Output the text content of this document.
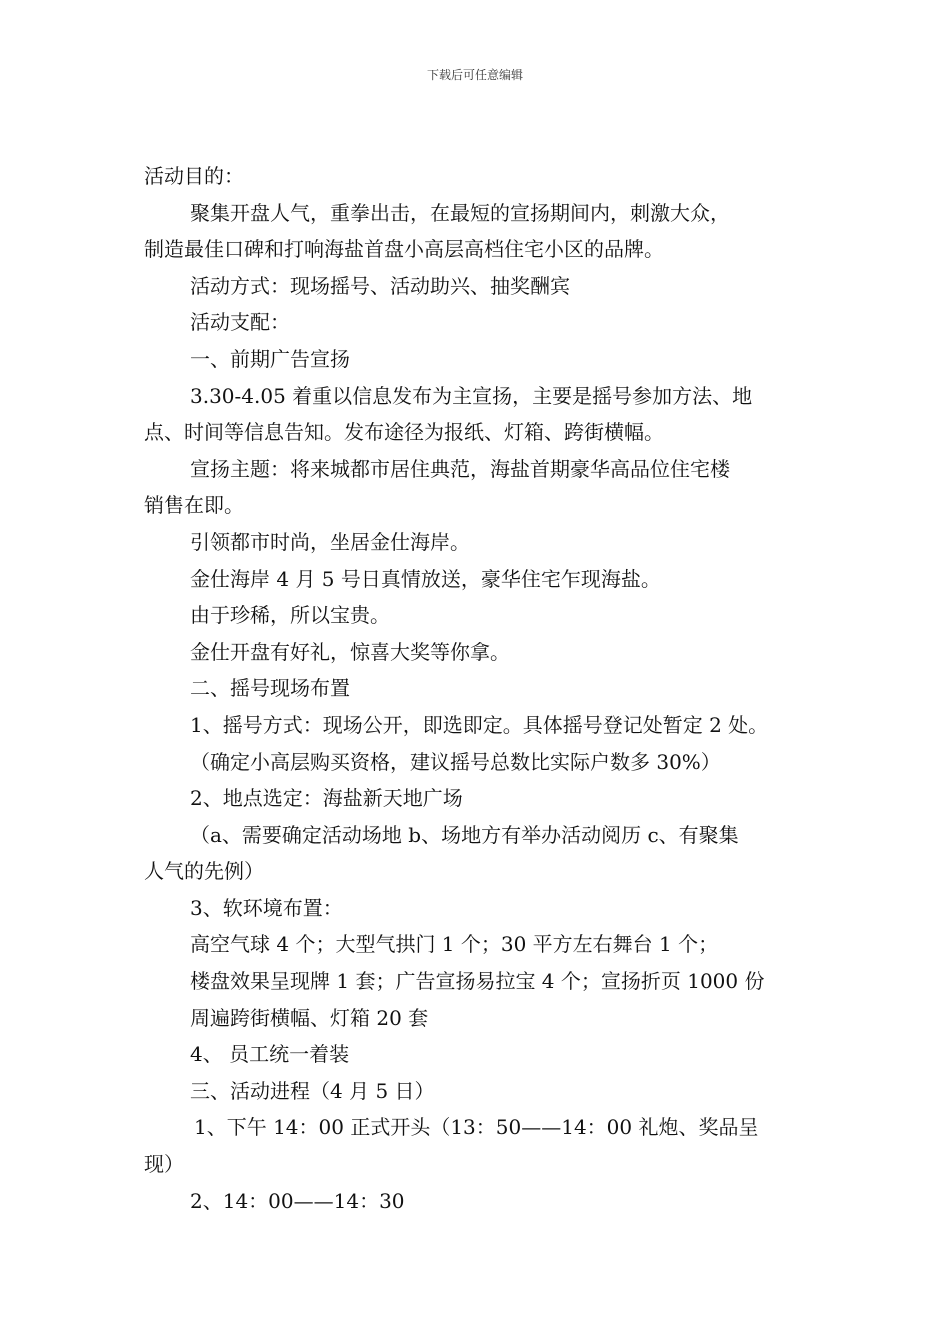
下载后可任意编辑
活动目的：
聚集开盘人气，重拳出击，在最短的宣扬期间内，刺激大众，
制造最佳口碑和打响海盐首盘小高层高档住宅小区的品牌。
活动方式：现场摇号、活动助兴、抽奖酬宾
活动支配：
一、前期广告宣扬
3.30-4.05 着重以信息发布为主宣扬，主要是摇号参加方法、地
点、时间等信息告知。发布途径为报纸、灯箱、跨街横幅。
宣扬主题：将来城都市居住典范，海盐首期豪华高品位住宅楼
销售在即。
引领都市时尚，坐居金仕海岸。
金仕海岸 4 月 5 号日真情放送，豪华住宅乍现海盐。
由于珍稀，所以宝贵。
金仕开盘有好礼，惊喜大奖等你拿。
二、摇号现场布置
1、摇号方式：现场公开，即选即定。具体摇号登记处暂定 2 处。
（确定小高层购买资格，建议摇号总数比实际户数多 30%）
2、地点选定：海盐新天地广场
（a、需要确定活动场地 b、场地方有举办活动阅历 c、有聚集
人气的先例）
3、软环境布置：
高空气球 4 个；大型气拱门 1 个；30 平方左右舞台 1 个；
楼盘效果呈现牌 1 套；广告宣扬易拉宝 4 个；宣扬折页 1000 份
周遍跨街横幅、灯箱 20 套
4、 员工统一着装
三、活动进程（4 月 5 日）
1、下午 14：00 正式开头（13：50——14：00 礼炮、奖品呈
现）
2、14：00——14：30
